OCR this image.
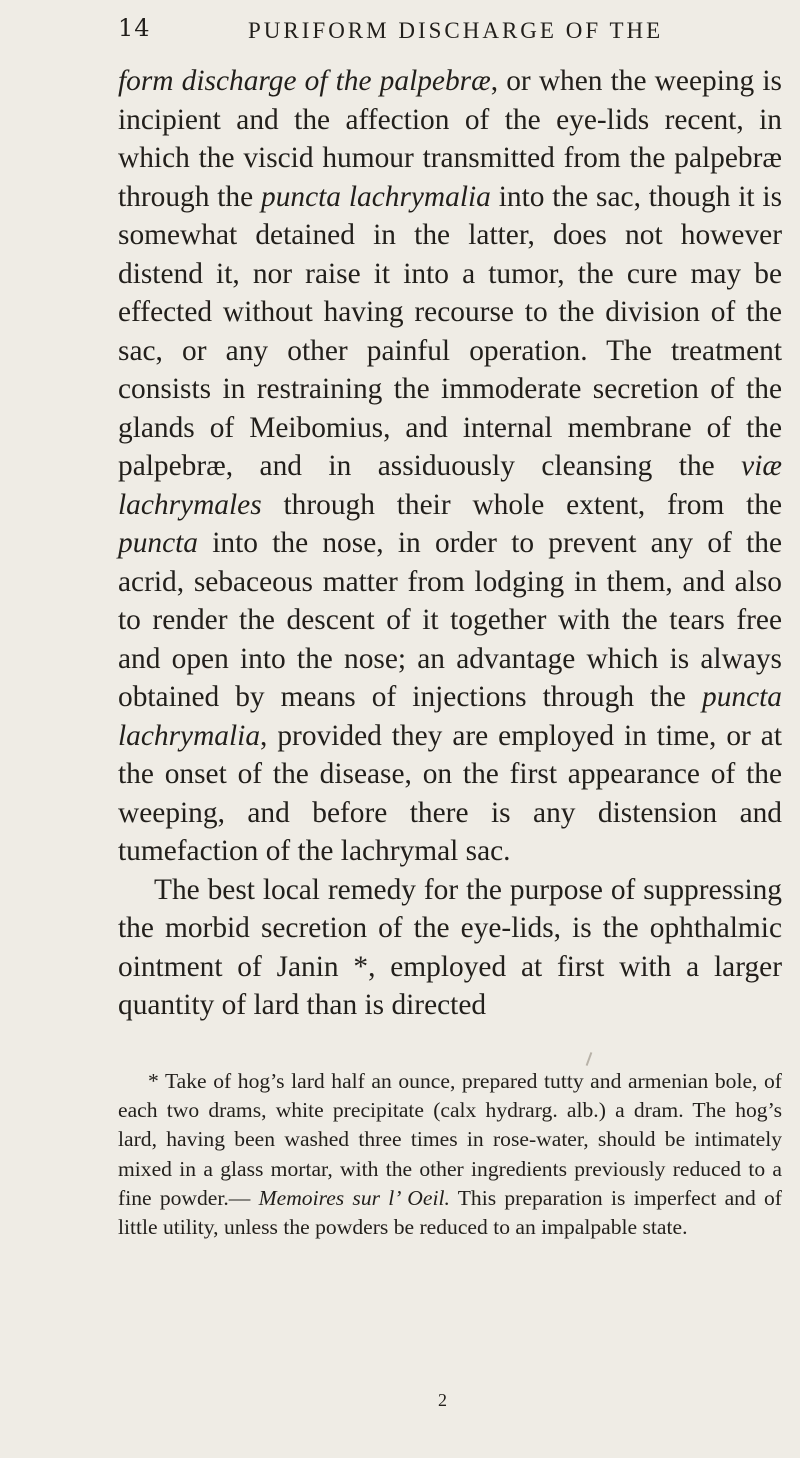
14	PURIFORM DISCHARGE OF THE

form discharge of the palpebræ, or when the weeping is incipient and the affection of the eye-lids recent, in which the viscid humour transmitted from the palpebræ through the puncta lachrymalia into the sac, though it is somewhat detained in the latter, does not however distend it, nor raise it into a tumor, the cure may be effected without having recourse to the division of the sac, or any other painful operation. The treatment consists in restraining the immoderate secretion of the glands of Meibomius, and internal membrane of the palpebræ, and in assiduously cleansing the viæ lachrymales through their whole extent, from the puncta into the nose, in order to prevent any of the acrid, sebaceous matter from lodging in them, and also to render the descent of it together with the tears free and open into the nose; an advantage which is always obtained by means of injections through the puncta lachrymalia, provided they are employed in time, or at the onset of the disease, on the first appearance of the weeping, and before there is any distension and tumefaction of the lachrymal sac.

The best local remedy for the purpose of suppressing the morbid secretion of the eye-lids, is the ophthalmic ointment of Janin *, employed at first with a larger quantity of lard than is directed

* Take of hog’s lard half an ounce, prepared tutty and armenian bole, of each two drams, white precipitate (calx hydrarg. alb.) a dram. The hog’s lard, having been washed three times in rose-water, should be intimately mixed in a glass mortar, with the other ingredients previously reduced to a fine powder.— Memoires sur l’ Oeil. This preparation is imperfect and of little utility, unless the powders be reduced to an impalpable state.

2
